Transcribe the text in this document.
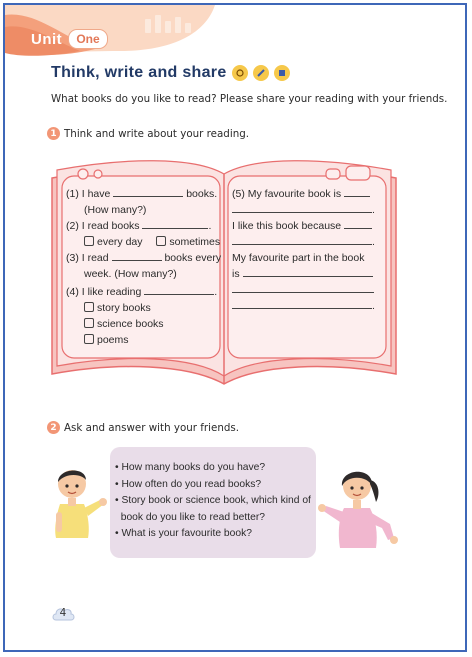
Unit	One
Think, write and share
What books do you like to read? Please share your reading with your friends.
1 Think and write about your reading.
(1) I have	books.
(How many?)
(2) I read books	.
every day	sometimes
(3) I read	books every
week. (How many?)
(4) I like reading	.
story books
science books
poems
(5) My favourite book is
.
I like this book because
.
My favourite part in the book
is
.
2 Ask and answer with your friends.
• How many books do you have?
• How often do you read books?
• Story book or science book, which kind of
book do you like to read better?
• What is your favourite book?
4
